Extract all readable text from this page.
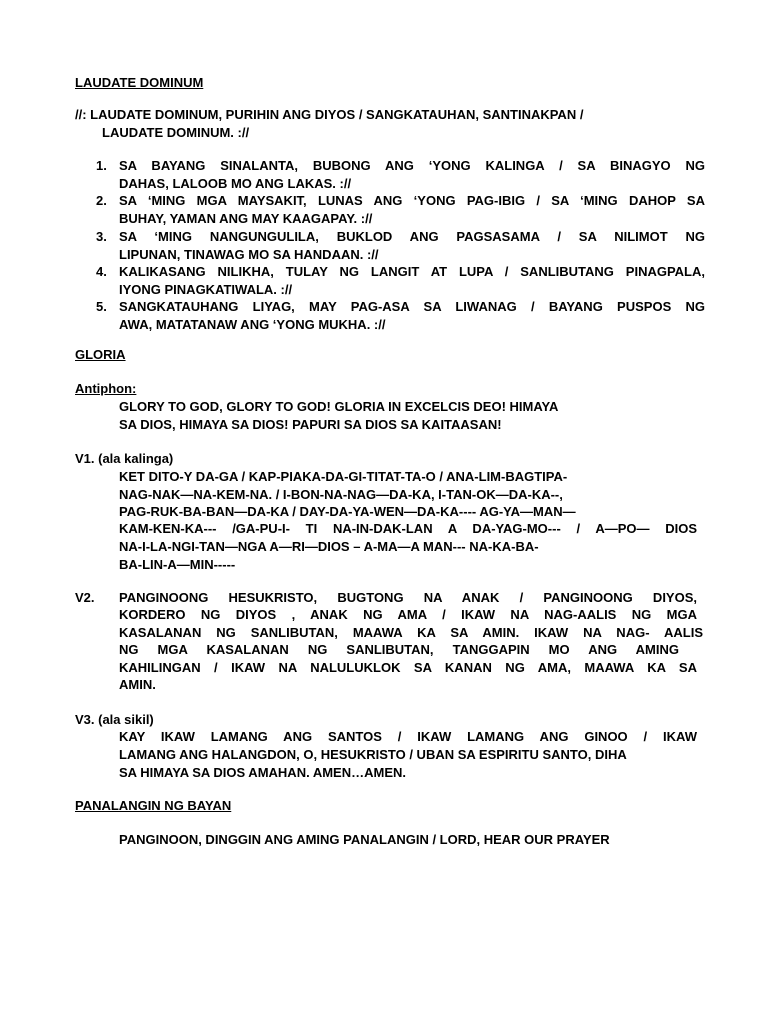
LAUDATE DOMINUM
//: LAUDATE DOMINUM, PURIHIN ANG DIYOS / SANGKATAUHAN, SANTINAKPAN /
LAUDATE DOMINUM. ://
1. SA BAYANG SINALANTA, BUBONG ANG ‘YONG KALINGA / SA BINAGYO NG
DAHAS, LALOOB MO ANG LAKAS. ://
2. SA ‘MING MGA MAYSAKIT, LUNAS ANG ‘YONG PAG-IBIG / SA ‘MING DAHOP SA
BUHAY, YAMAN ANG MAY KAAGAPAY. ://
3. SA ‘MING NANGUNGULILA, BUKLOD ANG PAGSASAMA / SA NILIMOT NG
LIPUNAN, TINAWAG MO SA HANDAAN. ://
4. KALIKASANG NILIKHA, TULAY NG LANGIT AT LUPA / SANLIBUTANG PINAGPALA,
IYONG PINAGKATIWALA. ://
5. SANGKATAUHANG LIYAG, MAY PAG-ASA SA LIWANAG / BAYANG PUSPOS NG
AWA, MATATANAW ANG ‘YONG MUKHA. ://
GLORIA
Antiphon:
GLORY TO GOD, GLORY TO GOD! GLORIA IN EXCELCIS DEO! HIMAYA
SA DIOS, HIMAYA SA DIOS! PAPURI SA DIOS SA KAITAASAN!
V1. (ala kalinga)
KET DITO-Y DA-GA / KAP-PIAKA-DA-GI-TITAT-TA-O / ANA-LIM-BAGTIPA-
NAG-NAK—NA-KEM-NA. / I-BON-NA-NAG—DA-KA, I-TAN-OK—DA-KA--,
PAG-RUK-BA-BAN—DA-KA / DAY-DA-YA-WEN—DA-KA---- AG-YA—MAN—
KAM-KEN-KA--- /GA-PU-I- TI NA-IN-DAK-LAN A DA-YAG-MO--- / A—PO— DIOS
NA-I-LA-NGI-TAN—NGA A—RI—DIOS – A-MA—A MAN--- NA-KA-BA-
BA-LIN-A—MIN-----
V2. PANGINOONG HESUKRISTO, BUGTONG NA ANAK / PANGINOONG DIYOS,
KORDERO NG DIYOS , ANAK NG AMA / IKAW NA NAG-AALIS NG MGA
KASALANAN NG SANLIBUTAN, MAAWA KA SA AMIN. IKAW NA NAG- AALIS
NG MGA KASALANAN NG SANLIBUTAN, TANGGAPIN MO ANG AMING
KAHILINGAN / IKAW NA NALULUKLOK SA KANAN NG AMA, MAAWA KA SA
AMIN.
V3. (ala sikil)
KAY IKAW LAMANG ANG SANTOS / IKAW LAMANG ANG GINOO / IKAW
LAMANG ANG HALANGDON, O, HESUKRISTO / UBAN SA ESPIRITU SANTO, DIHA
SA HIMAYA SA DIOS AMAHAN. AMEN…AMEN.
PANALANGIN NG BAYAN
PANGINOON, DINGGIN ANG AMING PANALANGIN / LORD, HEAR OUR PRAYER
